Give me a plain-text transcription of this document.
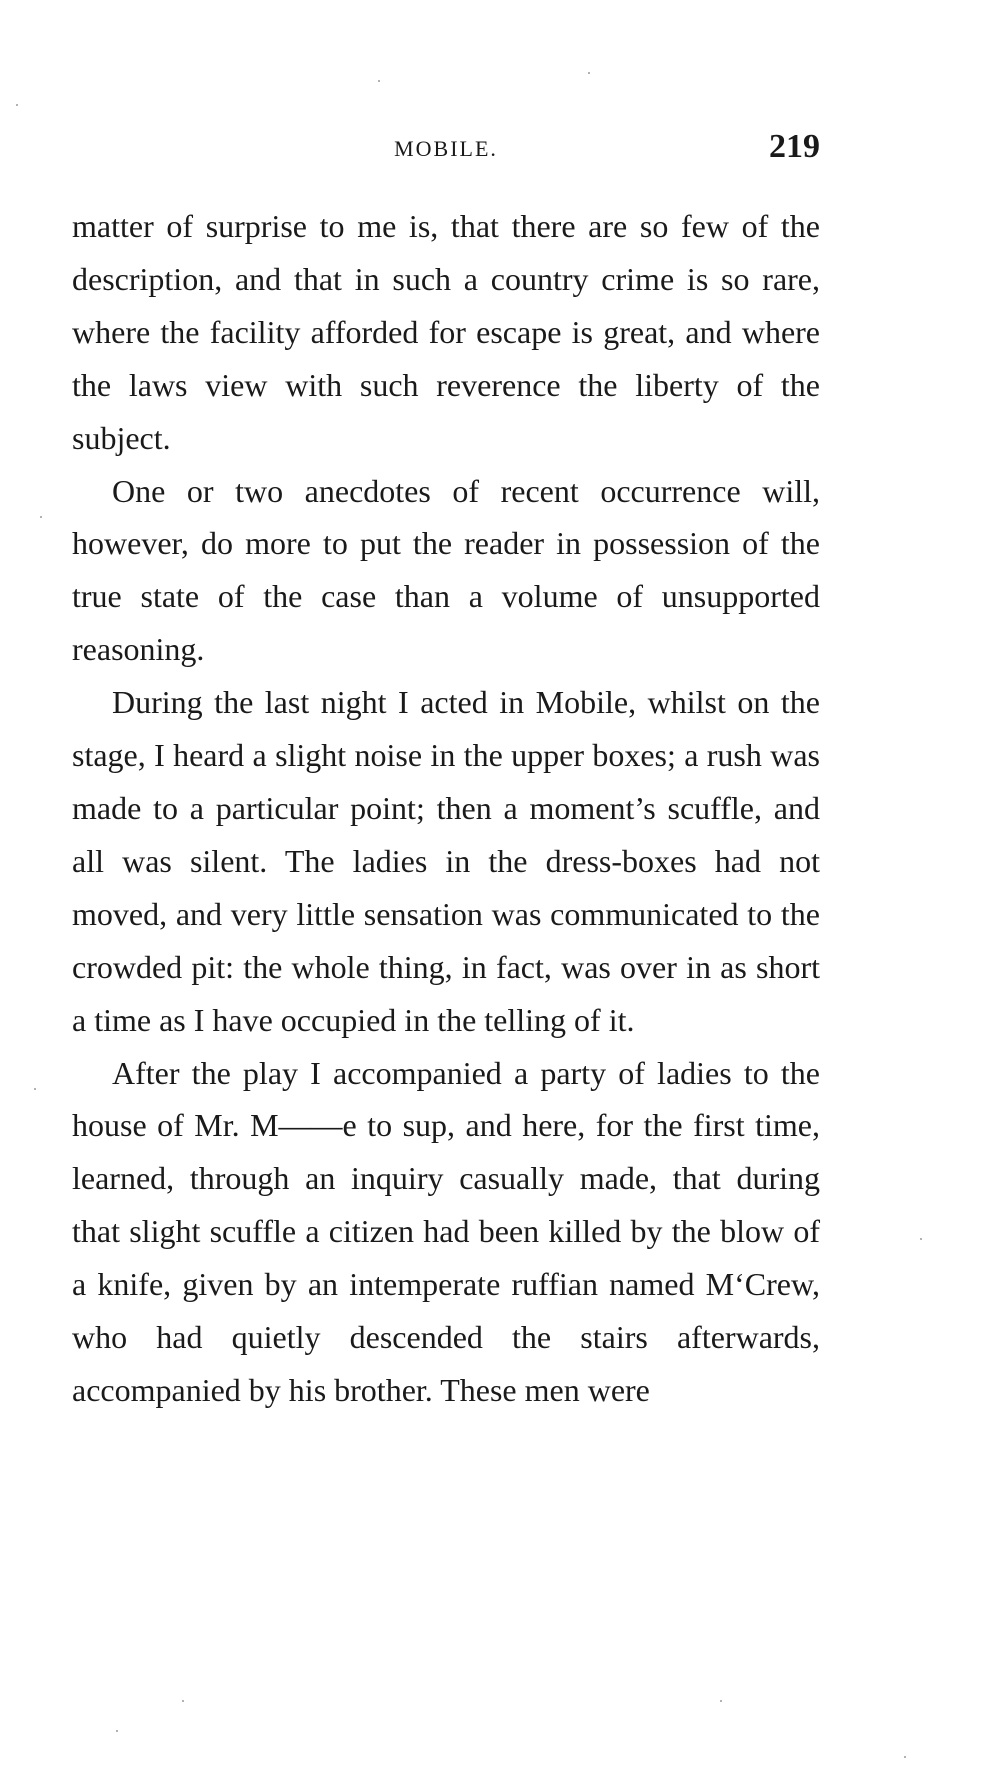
MOBILE.	219

matter of surprise to me is, that there are so few of the description, and that in such a country crime is so rare, where the facility afforded for escape is great, and where the laws view with such reverence the liberty of the subject.

One or two anecdotes of recent occurrence will, however, do more to put the reader in possession of the true state of the case than a volume of unsupported reasoning.

During the last night I acted in Mobile, whilst on the stage, I heard a slight noise in the upper boxes; a rush was made to a particular point; then a moment’s scuffle, and all was silent. The ladies in the dress-boxes had not moved, and very little sensation was communicated to the crowded pit: the whole thing, in fact, was over in as short a time as I have occupied in the telling of it.

After the play I accompanied a party of ladies to the house of Mr. M——e to sup, and here, for the first time, learned, through an inquiry casually made, that during that slight scuffle a citizen had been killed by the blow of a knife, given by an intemperate ruffian named M‘Crew, who had quietly descended the stairs afterwards, accompanied by his brother. These men were
